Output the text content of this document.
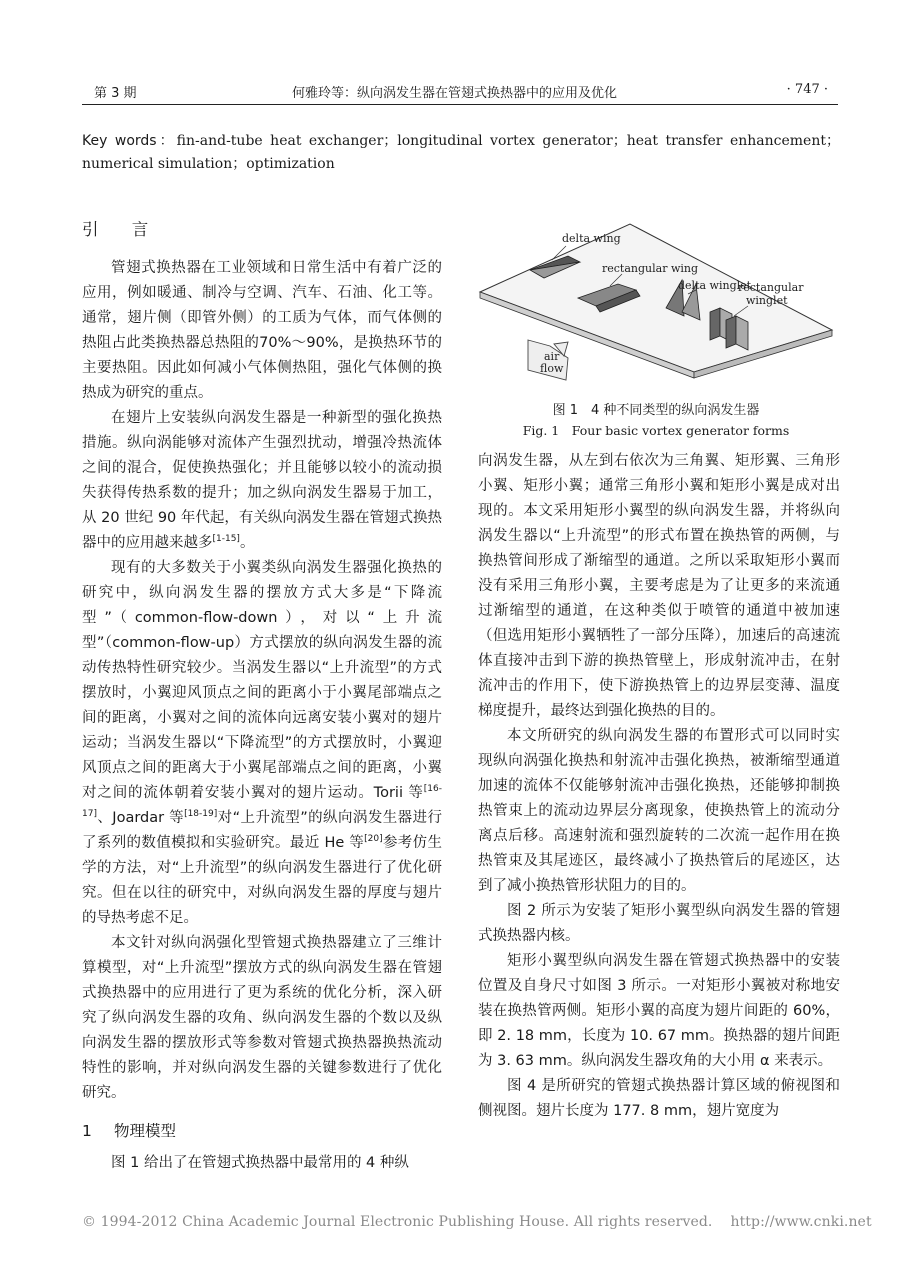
第 3 期	何雅玲等：纵向涡发生器在管翅式换热器中的应用及优化	· 747 ·
Key words：fin-and-tube heat exchanger；longitudinal vortex generator；heat transfer enhancement；numerical simulation；optimization
引 言

管翅式换热器在工业领域和日常生活中有着广泛的应用，例如暖通、制冷与空调、汽车、石油、化工等。通常，翅片侧（即管外侧）的工质为气体，而气体侧的热阻占此类换热器总热阻的70%～90%，是换热环节的主要热阻。因此如何减小气体侧热阻，强化气体侧的换热成为研究的重点。

在翅片上安装纵向涡发生器是一种新型的强化换热措施。纵向涡能够对流体产生强烈扰动，增强冷热流体之间的混合，促使换热强化；并且能够以较小的流动损失获得传热系数的提升；加之纵向涡发生器易于加工，从 20 世纪 90 年代起，有关纵向涡发生器在管翅式换热器中的应用越来越多[1-15]。

现有的大多数关于小翼类纵向涡发生器强化换热的研究中，纵向涡发生器的摆放方式大多是“下降流型”（common-flow-down），对以“上升流型”（common-flow-up）方式摆放的纵向涡发生器的流动传热特性研究较少。当涡发生器以“上升流型”的方式摆放时，小翼迎风顶点之间的距离小于小翼尾部端点之间的距离，小翼对之间的流体向远离安装小翼对的翅片运动；当涡发生器以“下降流型”的方式摆放时，小翼迎风顶点之间的距离大于小翼尾部端点之间的距离，小翼对之间的流体朝着安装小翼对的翅片运动。Torii 等[16-17]、Joardar 等[18-19]对“上升流型”的纵向涡发生器进行了系列的数值模拟和实验研究。最近 He 等[20]参考仿生学的方法，对“上升流型”的纵向涡发生器进行了优化研究。但在以往的研究中，对纵向涡发生器的厚度与翅片的导热考虑不足。

本文针对纵向涡强化型管翅式换热器建立了三维计算模型，对“上升流型”摆放方式的纵向涡发生器在管翅式换热器中的应用进行了更为系统的优化分析，深入研究了纵向涡发生器的攻角、纵向涡发生器的个数以及纵向涡发生器的摆放形式等参数对管翅式换热器换热流动特性的影响，并对纵向涡发生器的关键参数进行了优化研究。

1 物理模型

图 1 给出了在管翅式换热器中最常用的 4 种纵

delta wing
rectangular wing
delta winglet
rectangular
winglet
air
flow
图 1　4 种不同类型的纵向涡发生器
Fig. 1　Four basic vortex generator forms

向涡发生器，从左到右依次为三角翼、矩形翼、三角形小翼、矩形小翼；通常三角形小翼和矩形小翼是成对出现的。本文采用矩形小翼型的纵向涡发生器，并将纵向涡发生器以“上升流型”的形式布置在换热管的两侧，与换热管间形成了渐缩型的通道。之所以采取矩形小翼而没有采用三角形小翼，主要考虑是为了让更多的来流通过渐缩型的通道，在这种类似于喷管的通道中被加速（但选用矩形小翼牺牲了一部分压降），加速后的高速流体直接冲击到下游的换热管壁上，形成射流冲击，在射流冲击的作用下，使下游换热管上的边界层变薄、温度梯度提升，最终达到强化换热的目的。

本文所研究的纵向涡发生器的布置形式可以同时实现纵向涡强化换热和射流冲击强化换热，被渐缩型通道加速的流体不仅能够射流冲击强化换热，还能够抑制换热管束上的流动边界层分离现象，使换热管上的流动分离点后移。高速射流和强烈旋转的二次流一起作用在换热管束及其尾迹区，最终减小了换热管后的尾迹区，达到了减小换热管形状阻力的目的。

图 2 所示为安装了矩形小翼型纵向涡发生器的管翅式换热器内核。

矩形小翼型纵向涡发生器在管翅式换热器中的安装位置及自身尺寸如图 3 所示。一对矩形小翼被对称地安装在换热管两侧。矩形小翼的高度为翅片间距的 60%，即 2. 18 mm，长度为 10. 67 mm。换热器的翅片间距为 3. 63 mm。纵向涡发生器攻角的大小用 α 来表示。

图 4 是所研究的管翅式换热器计算区域的俯视图和侧视图。翅片长度为 177. 8 mm，翅片宽度为

© 1994-2012 China Academic Journal Electronic Publishing House. All rights reserved. http://www.cnki.net
